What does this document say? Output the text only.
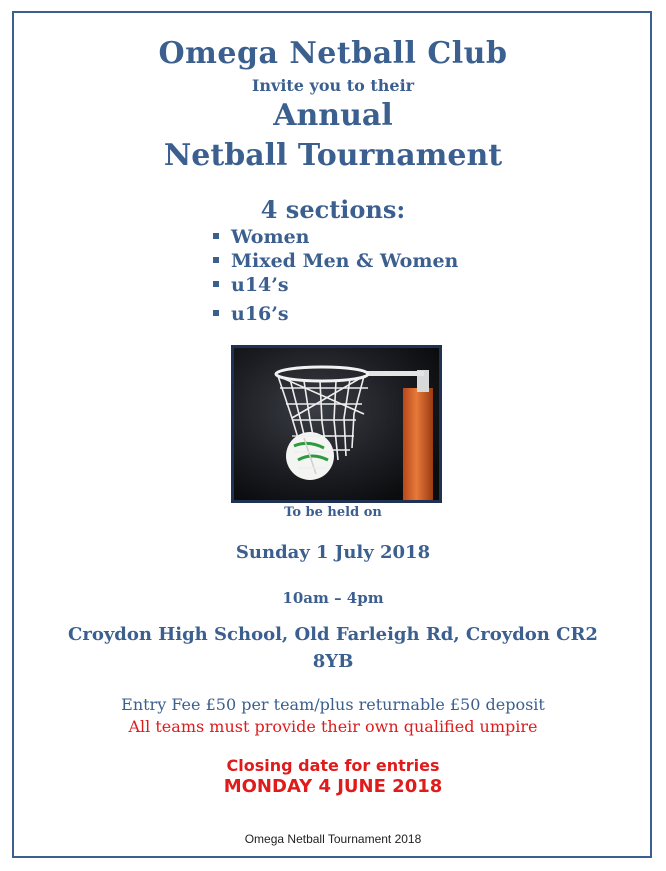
Omega Netball Club
Invite you to their
Annual
Netball Tournament
4 sections:
Women
Mixed Men & Women
u14’s
u16’s
To be held on
Sunday 1 July 2018
10am – 4pm
Croydon High School, Old Farleigh Rd, Croydon CR2
8YB
Entry Fee £50 per team/plus returnable £50 deposit
All teams must provide their own qualified umpire
Closing date for entries
MONDAY 4 JUNE 2018
Omega Netball Tournament 2018
